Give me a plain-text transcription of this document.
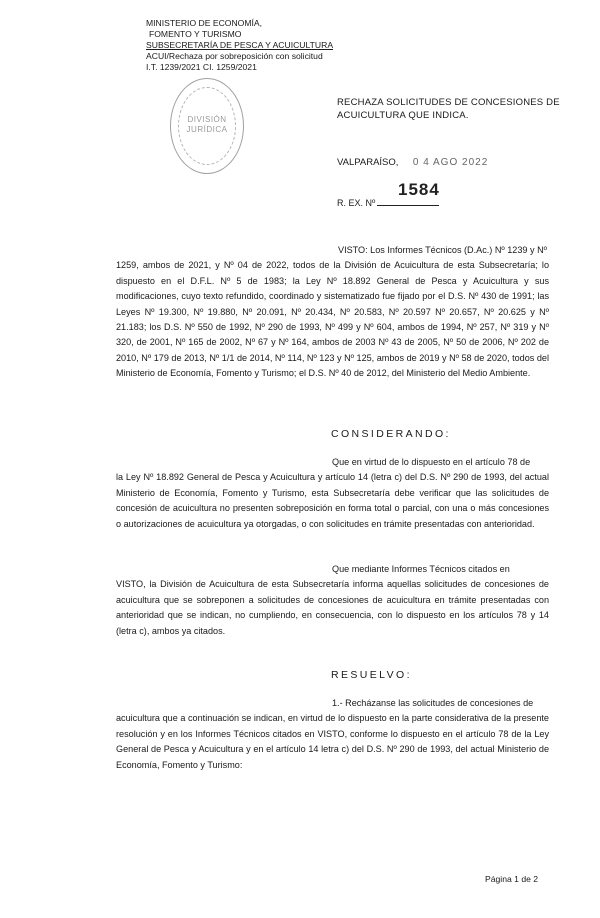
MINISTERIO DE ECONOMÍA,
FOMENTO Y TURISMO
SUBSECRETARÍA DE PESCA Y ACUICULTURA
ACUI/Rechaza por sobreposición con solicitud
I.T. 1239/2021 CI. 1259/2021
DIVISIÓN
JURÍDICA
RECHAZA SOLICITUDES DE CONCESIONES DE
ACUICULTURA QUE INDICA.
VALPARAÍSO, 0 4 AGO 2022
R. EX. Nº
1584

VISTO: Los Informes Técnicos (D.Ac.) Nº 1239 y Nº

1259, ambos de 2021, y Nº 04 de 2022, todos de la División de Acuicultura de esta Subsecretaría; lo dispuesto en el D.F.L. Nº 5 de 1983; la Ley Nº 18.892 General de Pesca y Acuicultura y sus modificaciones, cuyo texto refundido, coordinado y sistematizado fue fijado por el D.S. Nº 430 de 1991; las Leyes Nº 19.300, Nº 19.880, Nº 20.091, Nº 20.434, Nº 20.583, Nº 20.597 Nº 20.657, Nº 20.625 y Nº 21.183; los D.S. Nº 550 de 1992, Nº 290 de 1993, Nº 499 y Nº 604, ambos de 1994, Nº 257, Nº 319 y Nº 320, de 2001, Nº 165 de 2002, Nº 67 y Nº 164, ambos de 2003 Nº 43 de 2005, Nº 50 de 2006, Nº 202 de 2010, Nº 179 de 2013, Nº 1/1 de 2014, Nº 114, Nº 123 y Nº 125, ambos de 2019 y Nº 58 de 2020, todos del Ministerio de Economía, Fomento y Turismo; el D.S. Nº 40 de 2012, del Ministerio del Medio Ambiente.

CONSIDERANDO:

Que en virtud de lo dispuesto en el artículo 78 de

la Ley Nº 18.892 General de Pesca y Acuicultura y artículo 14 (letra c) del D.S. Nº 290 de 1993, del actual Ministerio de Economía, Fomento y Turismo, esta Subsecretaría debe verificar que las solicitudes de concesión de acuicultura no presenten sobreposición en forma total o parcial, con una o más concesiones o autorizaciones de acuicultura ya otorgadas, o con solicitudes en trámite presentadas con anterioridad.

Que mediante Informes Técnicos citados en

VISTO, la División de Acuicultura de esta Subsecretaría informa aquellas solicitudes de concesiones de acuicultura que se sobreponen a solicitudes de concesiones de acuicultura en trámite presentadas con anterioridad que se indican, no cumpliendo, en consecuencia, con lo dispuesto en los artículos 78 y 14 (letra c), ambos ya citados.

RESUELVO:

1.- Recházanse las solicitudes de concesiones de

acuicultura que a continuación se indican, en virtud de lo dispuesto en la parte considerativa de la presente resolución y en los Informes Técnicos citados en VISTO, conforme lo dispuesto en el artículo 78 de la Ley General de Pesca y Acuicultura y en el artículo 14 letra c) del D.S. Nº 290 de 1993, del actual Ministerio de Economía, Fomento y Turismo:

Página 1 de 2
